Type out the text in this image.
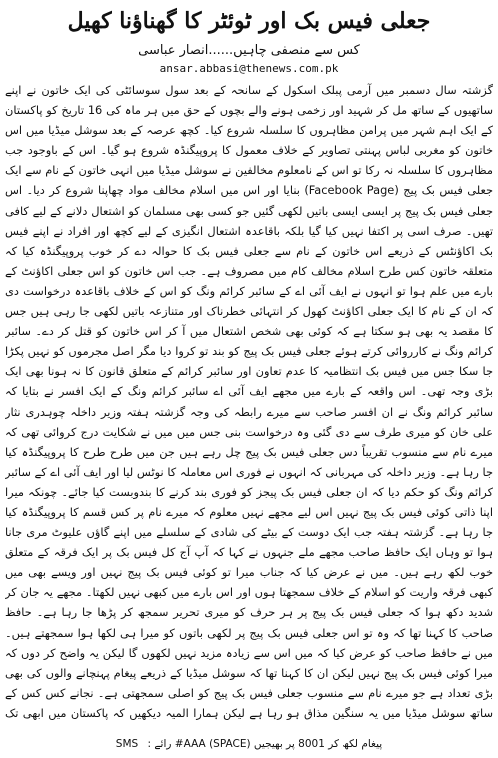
جعلی فیس بک اور ٹوئٹر کا گھناؤنا کھیل
کس سے منصفی چاہیں......انصار عباسی
ansar.abbasi@thenews.com.pk

گزشتہ سال دسمبر میں آرمی پبلک اسکول کے سانحہ کے بعد سول سوسائٹی کی ایک خاتون نے اپنے ساتھیوں کے ساتھ مل کر شہید اور زخمی ہونے والے بچوں کے حق میں ہر ماہ کی 16 تاریخ کو پاکستان کے ایک اہم شہر میں پرامن مظاہروں کا سلسلہ شروع کیا۔ کچھ عرصہ کے بعد سوشل میڈیا میں اس خاتون کو مغربی لباس پہنتی تصاویر کے خلاف معمول کا پروپیگنڈہ شروع ہو گیا۔ اس کے باوجود جب مظاہروں کا سلسلہ نہ رکا تو اس کے نامعلوم مخالفین نے سوشل میڈیا میں انہی خاتون کے نام سے ایک جعلی فیس بک پیج (Facebook Page) بنایا اور اس میں اسلام مخالف مواد چھاپنا شروع کر دیا۔ اس جعلی فیس بک پیج پر ایسی ایسی باتیں لکھی گئیں جو کسی بھی مسلمان کو اشتعال دلانے کے لیے کافی تھیں۔ صرف اسی پر اکتفا نہیں کیا گیا بلکہ باقاعدہ اشتعال انگیزی کے لیے کچھ اور افراد نے اپنے فیس بک اکاؤنٹس کے ذریعے اس خاتون کے نام سے جعلی فیس بک کا حوالہ دے کر خوب پروپیگنڈہ کیا کہ متعلقہ خاتون کس طرح اسلام مخالف کام میں مصروف ہے۔ جب اس خاتون کو اس جعلی اکاؤنٹ کے بارے میں علم ہوا تو انہوں نے ایف آئی اے کے سائبر کرائم ونگ کو اس کے خلاف باقاعدہ درخواست دی کہ ان کے نام کا ایک جعلی اکاؤنٹ کھول کر انتہائی خطرناک اور متنازعہ باتیں لکھی جا رہی ہیں جس کا مقصد یہ بھی ہو سکتا ہے کہ کوئی بھی شخص اشتعال میں آ کر اس خاتون کو قتل کر دے۔ سائبر کرائم ونگ نے کارروائی کرتے ہوئے جعلی فیس بک پیج کو بند تو کروا دیا مگر اصل مجرموں کو نہیں پکڑا جا سکا جس میں فیس بک انتظامیہ کا عدم تعاون اور سائبر کرائم کے متعلق قانون کا نہ ہونا بھی ایک بڑی وجہ تھی۔ اس واقعہ کے بارے میں مجھے ایف آئی اے سائبر کرائم ونگ کے ایک افسر نے بتایا کہ سائبر کرائم ونگ نے ان افسر صاحب سے میرے رابطہ کی وجہ گزشتہ ہفتہ وزیر داخلہ چوہدری نثار علی خان کو میری طرف سے دی گئی وہ درخواست بنی جس میں میں نے شکایت درج کروائی تھی کہ میرے نام سے منسوب تقریباً دس جعلی فیس بک پیج چل رہے ہیں جن میں طرح طرح کا پروپیگنڈہ کیا جا رہا ہے۔ وزیر داخلہ کی مہربانی کہ انہوں نے فوری اس معاملہ کا نوٹس لیا اور ایف آئی اے کے سائبر کرائم ونگ کو حکم دیا کہ ان جعلی فیس بک پیجز کو فوری بند کرنے کا بندوبست کیا جائے۔ چونکہ میرا اپنا ذاتی کوئی فیس بک پیج نہیں اس لیے مجھے نہیں معلوم کہ میرے نام پر کس قسم کا پروپیگنڈہ کیا جا رہا ہے۔ گزشتہ ہفتہ جب ایک دوست کے بیٹے کی شادی کے سلسلے میں اپنے گاؤں علیوٹ مری جانا ہوا تو وہاں ایک حافظ صاحب مجھے ملے جنہوں نے کہا کہ آپ آج کل فیس بک پر ایک فرقہ کے متعلق خوب لکھ رہے ہیں۔ میں نے عرض کیا کہ جناب میرا تو کوئی فیس بک پیج نہیں اور ویسے بھی میں کبھی فرقہ واریت کو اسلام کے خلاف سمجھتا ہوں اور اس بارے میں کبھی نہیں لکھتا۔ مجھے یہ جان کر شدید دکھ ہوا کہ جعلی فیس بک پیج پر ہر حرف کو میری تحریر سمجھ کر پڑھا جا رہا ہے۔ حافظ صاحب کا کہنا تھا کہ وہ تو اس جعلی فیس بک پیج پر لکھی باتوں کو میرا ہی لکھا ہوا سمجھتے ہیں۔ میں نے حافظ صاحب کو عرض کیا کہ میں اس سے زیادہ مزید نہیں لکھوں گا لیکن یہ واضح کر دوں کہ میرا کوئی فیس بک پیج نہیں لیکن ان کا کہنا تھا کہ سوشل میڈیا کے ذریعے پیغام پہنچانے والوں کی بھی بڑی تعداد ہے جو میرے نام سے منسوب جعلی فیس بک پیج کو اصلی سمجھتی ہے۔ نجانے کس کس کے ساتھ سوشل میڈیا میں یہ سنگین مذاق ہو رہا ہے لیکن ہمارا المیہ دیکھیں کہ پاکستان میں ابھی تک

SMS : رائے #AAA (SPACE) پیغام لکھ کر 8001 پر بھیجیں
